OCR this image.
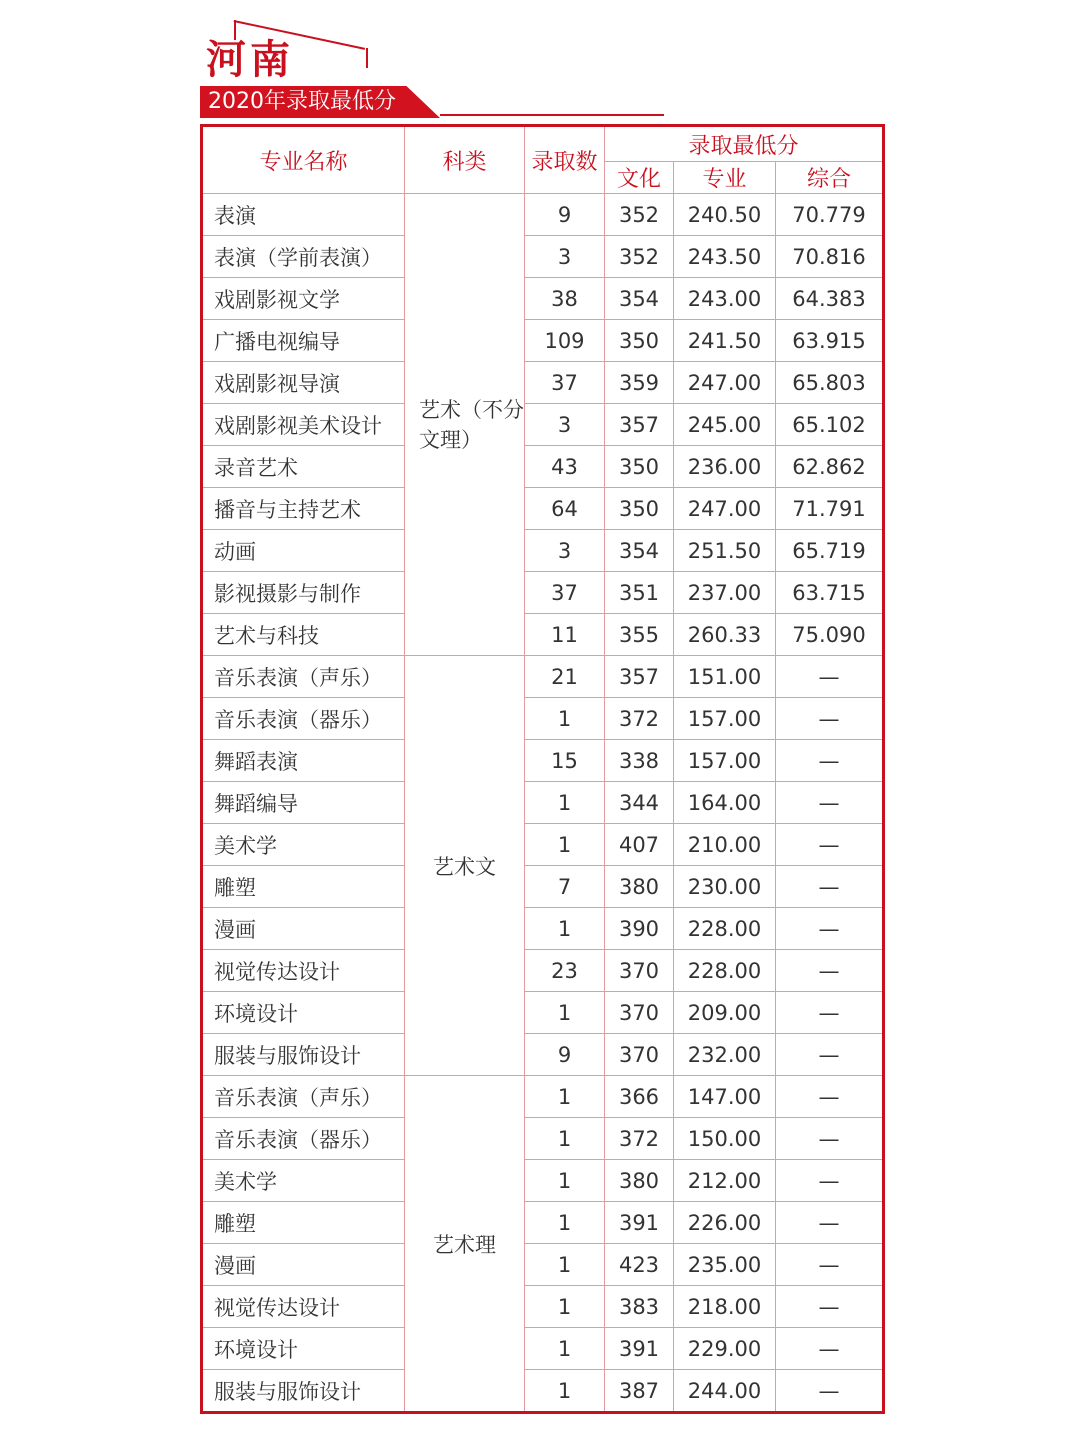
河南
2020年录取最低分
专业名称	科类	录取数	录取最低分		
			文化	专业	综合
表演	艺术（不分文理）	9	352	240.50	70.779
表演（学前表演）		3	352	243.50	70.816
戏剧影视文学		38	354	243.00	64.383
广播电视编导		109	350	241.50	63.915
戏剧影视导演		37	359	247.00	65.803
戏剧影视美术设计		3	357	245.00	65.102
录音艺术		43	350	236.00	62.862
播音与主持艺术		64	350	247.00	71.791
动画		3	354	251.50	65.719
影视摄影与制作		37	351	237.00	63.715
艺术与科技		11	355	260.33	75.090
音乐表演（声乐）	艺术文	21	357	151.00	—
音乐表演（器乐）		1	372	157.00	—
舞蹈表演		15	338	157.00	—
舞蹈编导		1	344	164.00	—
美术学		1	407	210.00	—
雕塑		7	380	230.00	—
漫画		1	390	228.00	—
视觉传达设计		23	370	228.00	—
环境设计		1	370	209.00	—
服装与服饰设计		9	370	232.00	—
音乐表演（声乐）	艺术理	1	366	147.00	—
音乐表演（器乐）		1	372	150.00	—
美术学		1	380	212.00	—
雕塑		1	391	226.00	—
漫画		1	423	235.00	—
视觉传达设计		1	383	218.00	—
环境设计		1	391	229.00	—
服装与服饰设计		1	387	244.00	—
